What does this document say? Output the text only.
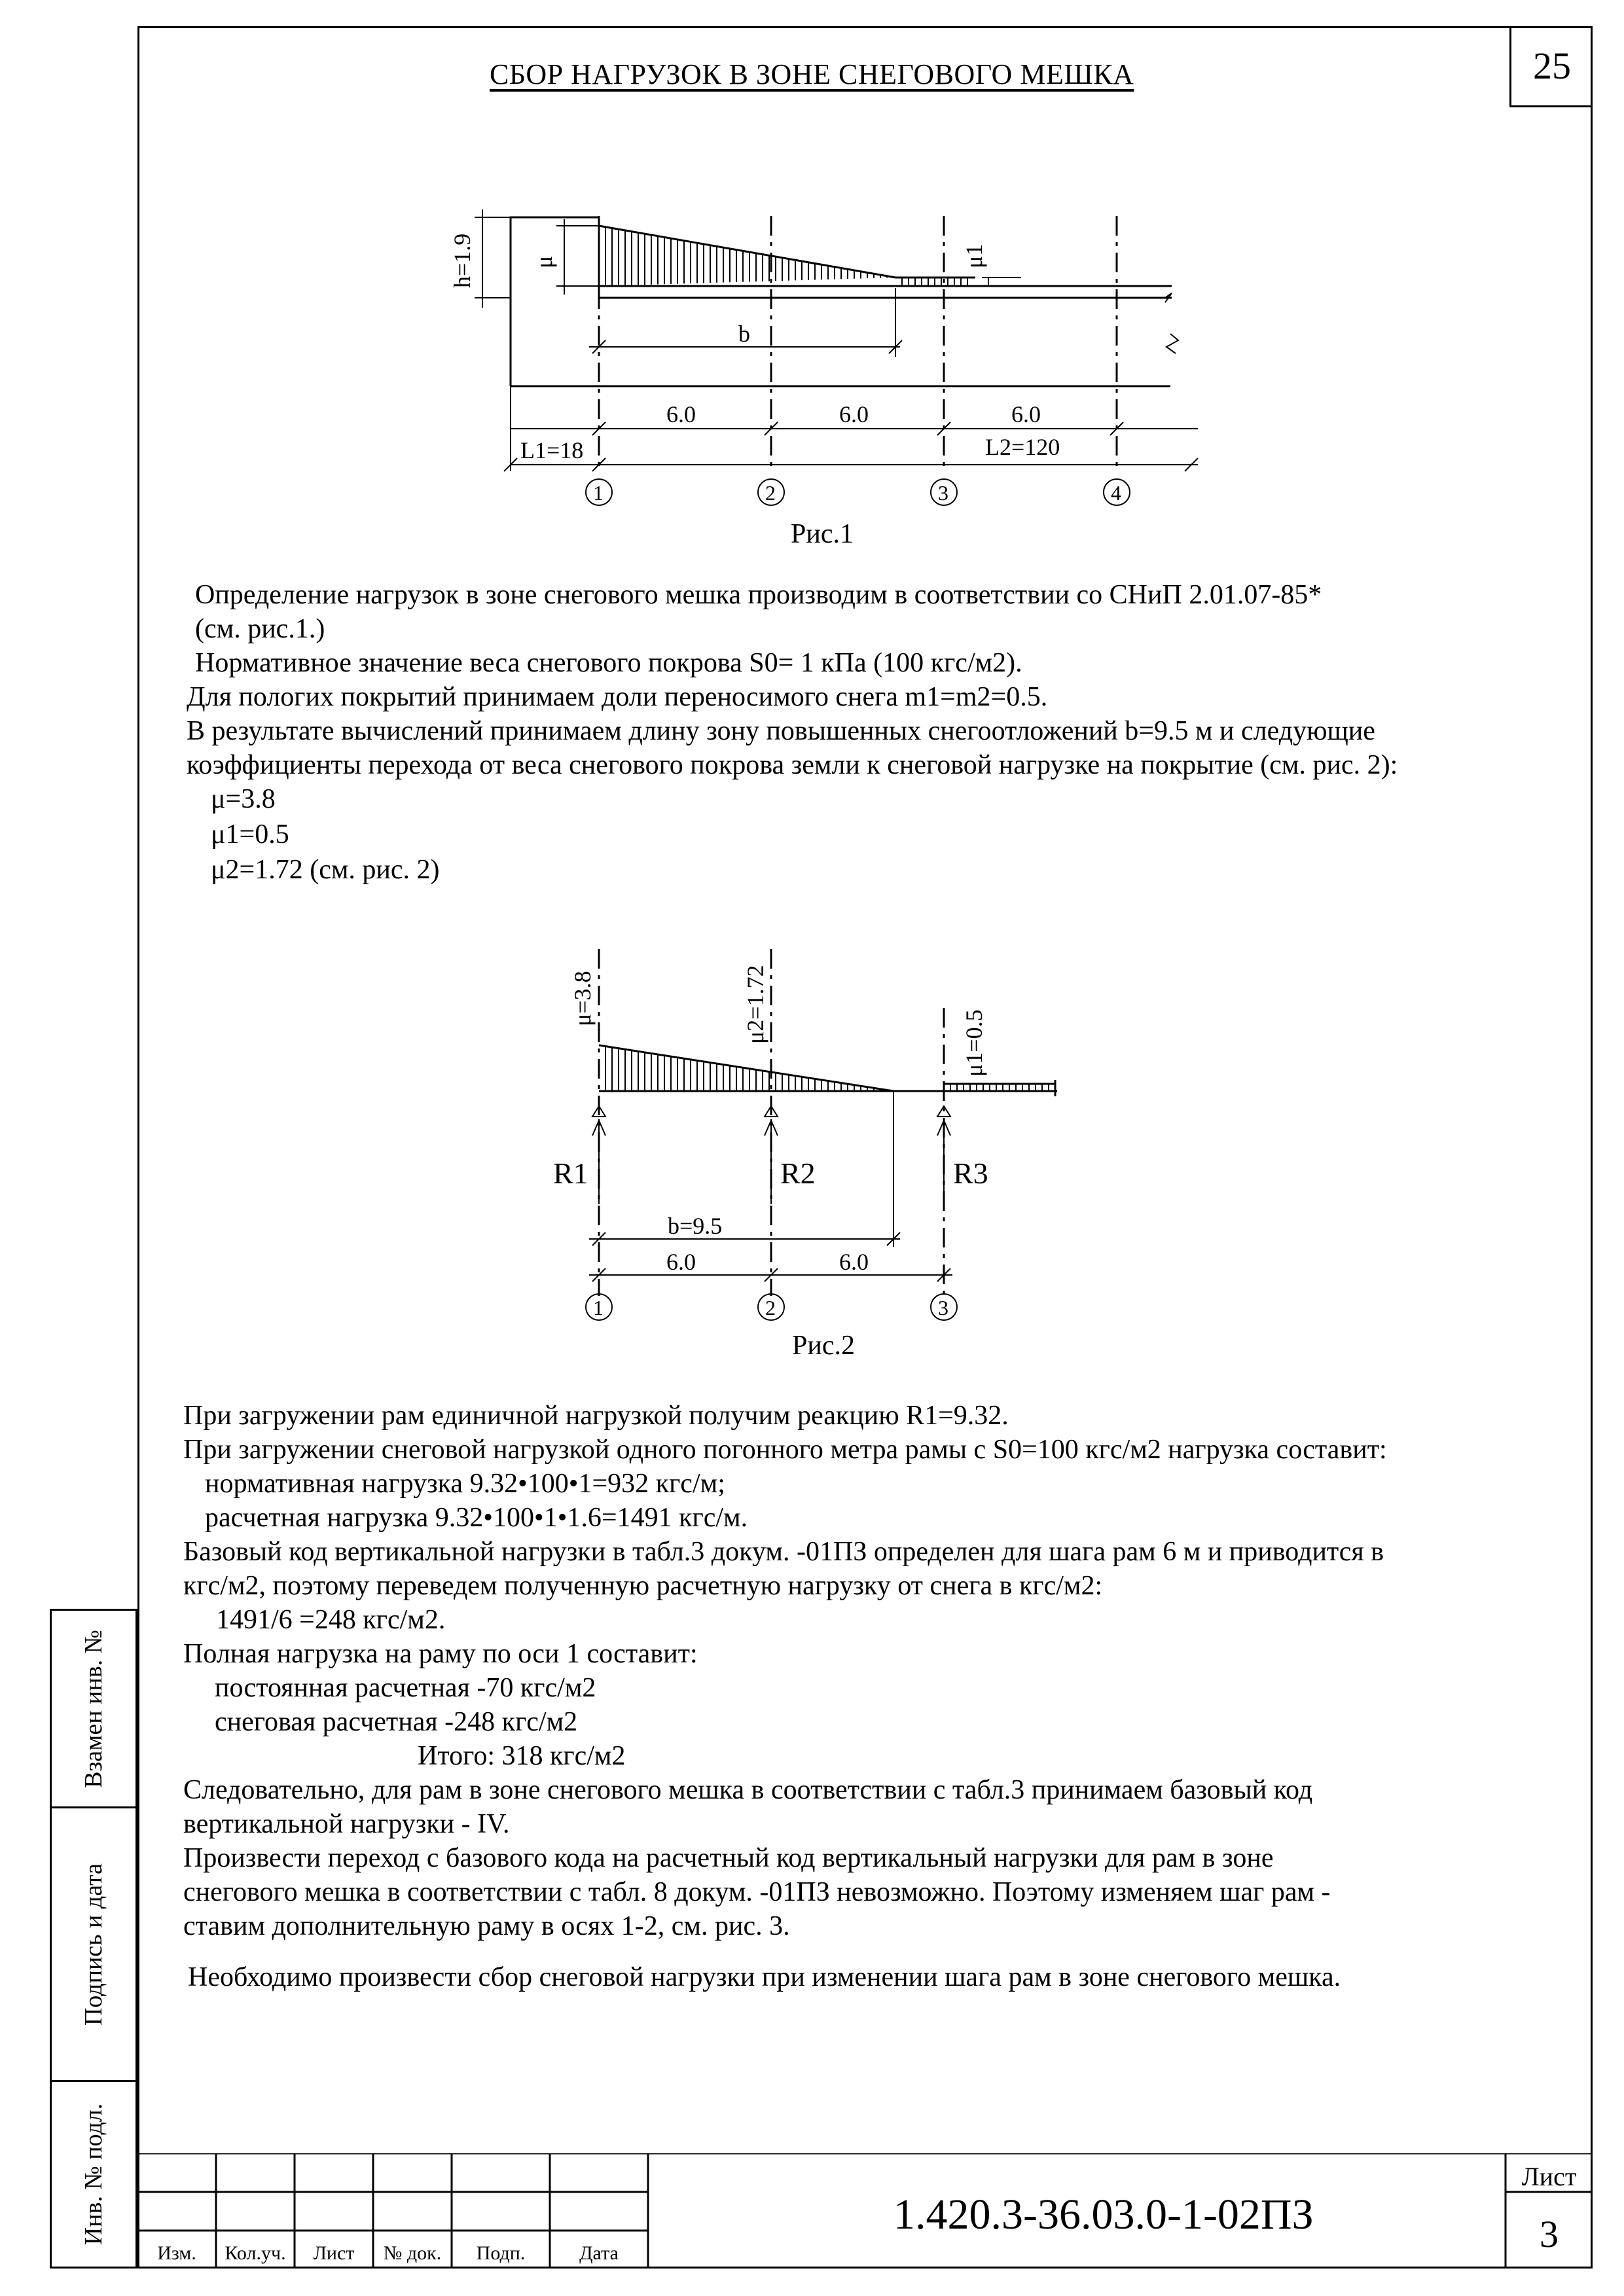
СБОР НАГРУЗОК В ЗОНЕ СНЕГОВОГО МЕШКА	25
h=1.9 μ	μ1
b
6.0	6.0	6.0
L1=18	L2=120
1	2	3	4
Рис.1
Определение нагрузок в зоне снегового мешка производим в соответствии со СНиП 2.01.07-85*
(см. рис.1.)
Нормативное значение веса снегового покрова S0= 1 кПа (100 кгс/м2).
Для пологих покрытий принимаем доли переносимого снега m1=m2=0.5.
В результате вычислений принимаем длину зону повышенных снегоотложений b=9.5 м и следующие
коэффициенты перехода от веса снегового покрова земли к снеговой нагрузке на покрытие (см. рис. 2):
μ=3.8
μ1=0.5
μ2=1.72 (см. рис. 2)
μ=3.8	μ2=1.72	μ1=0.5
R1	R2	R3
b=9.5
6.0	6.0
1	2	3
Рис.2
При загружении рам единичной нагрузкой получим реакцию R1=9.32.
При загружении снеговой нагрузкой одного погонного метра рамы с S0=100 кгс/м2 нагрузка составит:
нормативная нагрузка 9.32•100•1=932 кгс/м;
расчетная нагрузка 9.32•100•1•1.6=1491 кгс/м.
Базовый код вертикальной нагрузки в табл.3 докум. -01ПЗ определен для шага рам 6 м и приводится в
кгс/м2, поэтому переведем полученную расчетную нагрузку от снега в кгс/м2:
1491/6 =248 кгс/м2.
Полная нагрузка на раму по оси 1 составит:
постоянная расчетная -70 кгс/м2
снеговая расчетная -248 кгс/м2
Итого: 318 кгс/м2
Следовательно, для рам в зоне снегового мешка в соответствии с табл.3 принимаем базовый код
вертикальной нагрузки - IV.
Произвести переход с базового кода на расчетный код вертикальный нагрузки для рам в зоне
снегового мешка в соответствии с табл. 8 докум. -01ПЗ невозможно. Поэтому изменяем шаг рам -
ставим дополнительную раму в осях 1-2, см. рис. 3.
Необходимо произвести сбор снеговой нагрузки при изменении шага рам в зоне снегового мешка.
Взамен инв. №
Подпись и дата
Инв. № подл.
Изм.	Кол.уч.	Лист	№ док.	Подп.	Дата
1.420.3-36.03.0-1-02ПЗ
Лист
3
